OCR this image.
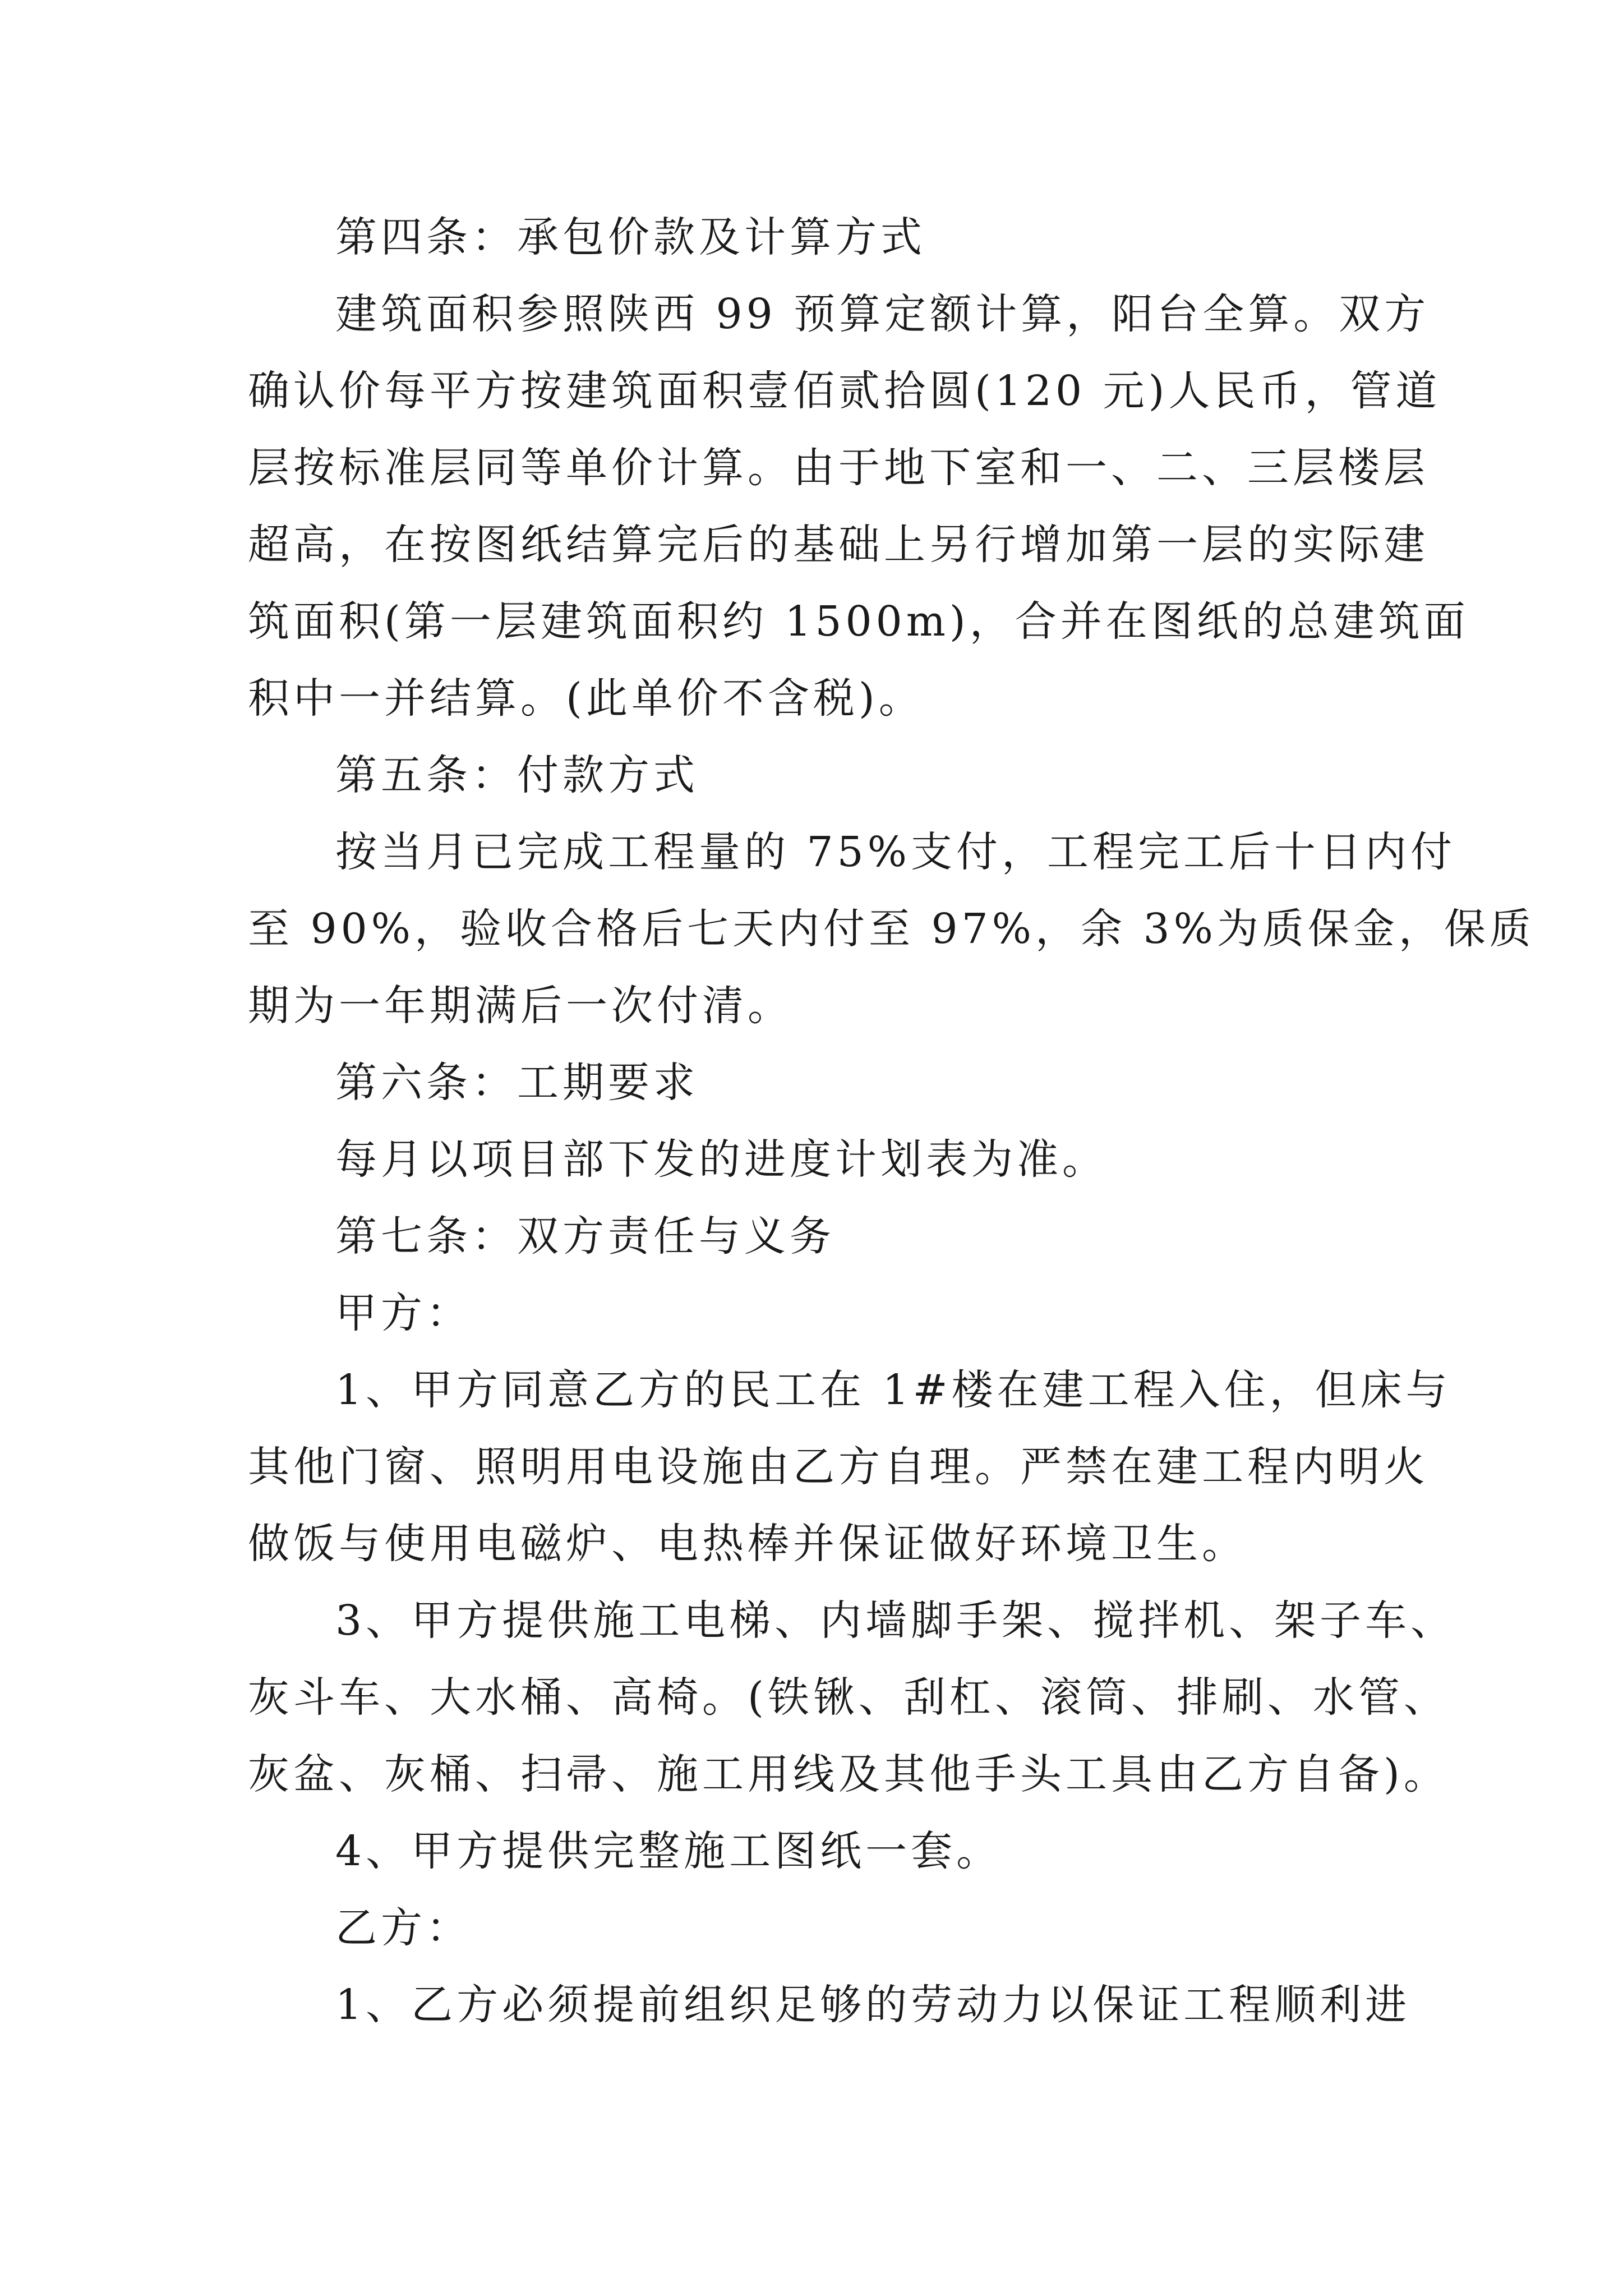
第四条：承包价款及计算方式
建筑面积参照陕西 99 预算定额计算，阳台全算。双方
确认价每平方按建筑面积壹佰贰拾圆(120 元)人民币，管道
层按标准层同等单价计算。由于地下室和一、二、三层楼层
超高，在按图纸结算完后的基础上另行增加第一层的实际建
筑面积(第一层建筑面积约 1500m)，合并在图纸的总建筑面
积中一并结算。(此单价不含税)。
第五条：付款方式
按当月已完成工程量的 75%支付，工程完工后十日内付
至 90%，验收合格后七天内付至 97%，余 3%为质保金，保质
期为一年期满后一次付清。
第六条：工期要求
每月以项目部下发的进度计划表为准。
第七条：双方责任与义务
甲方：
1、甲方同意乙方的民工在 1#楼在建工程入住，但床与
其他门窗、照明用电设施由乙方自理。严禁在建工程内明火
做饭与使用电磁炉、电热棒并保证做好环境卫生。
3、甲方提供施工电梯、内墙脚手架、搅拌机、架子车、
灰斗车、大水桶、高椅。(铁锹、刮杠、滚筒、排刷、水管、
灰盆、灰桶、扫帚、施工用线及其他手头工具由乙方自备)。
4、甲方提供完整施工图纸一套。
乙方：
1、乙方必须提前组织足够的劳动力以保证工程顺利进
